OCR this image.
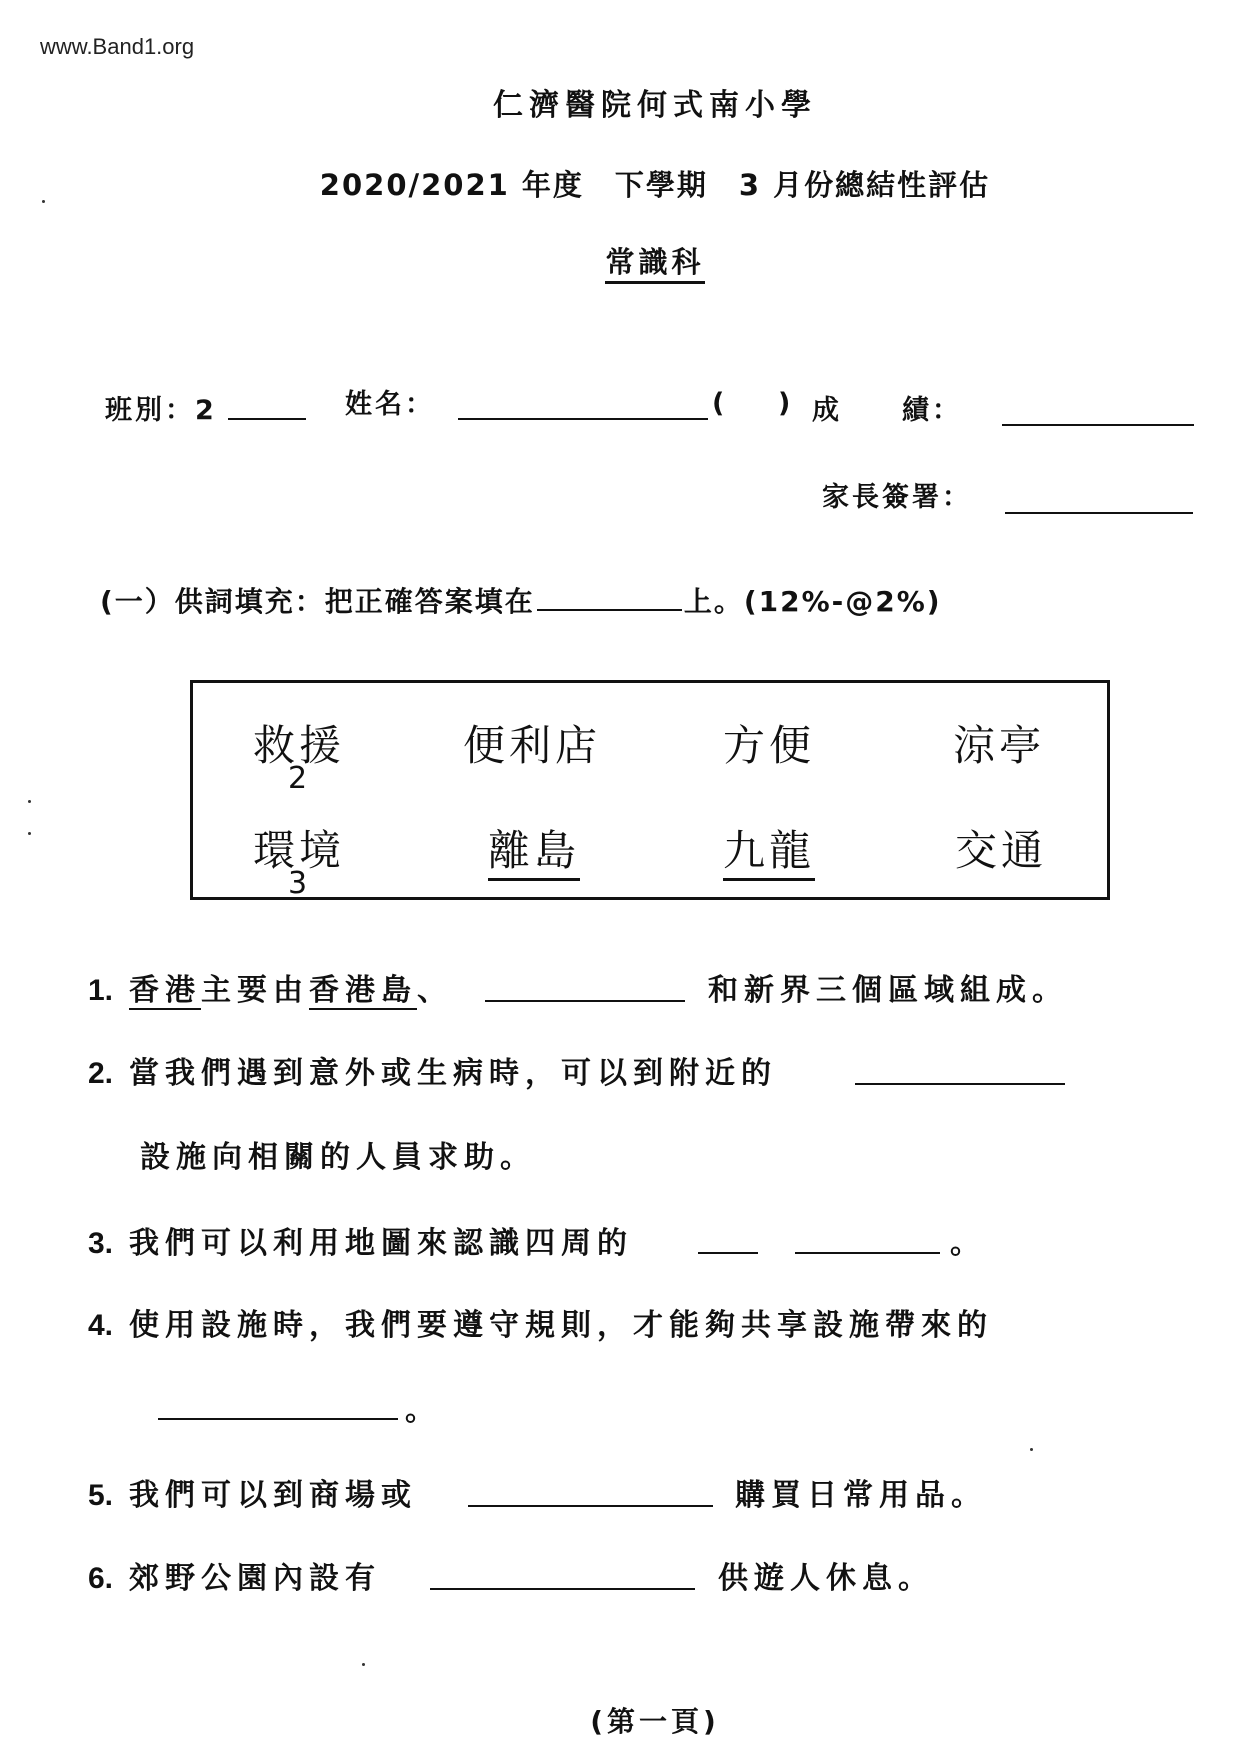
www.Band1.org
仁濟醫院何式南小學
2020/2021 年度　下學期　3 月份總結性評估
常識科
班別：2	姓名：	( ) 成　　績：
家長簽署：
(一）供詞填充：把正確答案填在	上。(12%-@2%)
救援	便利店	方便	涼亭
2
環境	離島	九龍	交通
3
1. 香港主要由香港島、	和新界三個區域組成。
2. 當我們遇到意外或生病時，可以到附近的
設施向相關的人員求助。
3. 我們可以利用地圖來認識四周的	。
4. 使用設施時，我們要遵守規則，才能夠共享設施帶來的
。
5. 我們可以到商場或	購買日常用品。
6. 郊野公園內設有	供遊人休息。
(第一頁)
